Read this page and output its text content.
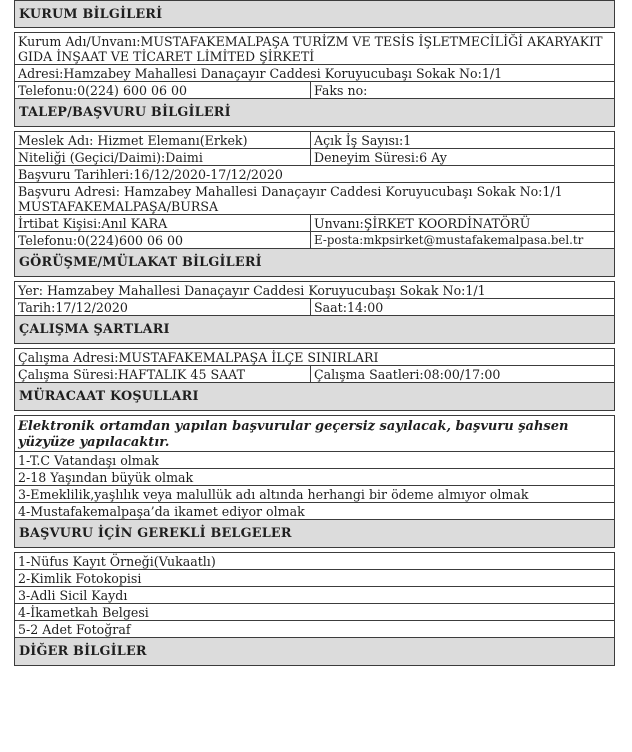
KURUM BİLGİLERİ	

Kurum Adı/Unvanı:MUSTAFAKEMALPAŞA TURİZM VE TESİS İŞLETMECİLİĞİ AKARYAKIT GIDA İNŞAAT VE TİCARET LİMİTED ŞİRKETİ	
Adresi:Hamzabey Mahallesi Danaçayır Caddesi Koruyucubaşı Sokak No:1/1	
Telefonu:0(224) 600 06 00	Faks no:
TALEP/BAŞVURU BİLGİLERİ	

Meslek Adı: Hizmet Elemanı(Erkek)	Açık İş Sayısı:1
Niteliği (Geçici/Daimi):Daimi	Deneyim Süresi:6 Ay
Başvuru Tarihleri:16/12/2020-17/12/2020	
Başvuru Adresi: Hamzabey Mahallesi Danaçayır Caddesi Koruyucubaşı Sokak No:1/1 MUSTAFAKEMALPAŞA/BURSA	
İrtibat Kişisi:Anıl KARA	Unvanı:ŞİRKET KOORDİNATÖRÜ
Telefonu:0(224)600 06 00	E-posta:mkpsirket@mustafakemalpasa.bel.tr
GÖRÜŞME/MÜLAKAT BİLGİLERİ	

Yer: Hamzabey Mahallesi Danaçayır Caddesi Koruyucubaşı Sokak No:1/1	
Tarih:17/12/2020	Saat:14:00
ÇALIŞMA ŞARTLARI	

Çalışma Adresi:MUSTAFAKEMALPAŞA İLÇE SINIRLARI	
Çalışma Süresi:HAFTALIK 45 SAAT	Çalışma Saatleri:08:00/17:00
MÜRACAAT KOŞULLARI	

Elektronik ortamdan yapılan başvurular geçersiz sayılacak, başvuru şahsen yüzyüze yapılacaktır.	
1-T.C Vatandaşı olmak	
2-18 Yaşından büyük olmak	
3-Emeklilik,yaşlılık veya malullük adı altında herhangi bir ödeme almıyor olmak	
4-Mustafakemalpaşa’da ikamet ediyor olmak	
BAŞVURU İÇİN GEREKLİ BELGELER	

1-Nüfus Kayıt Örneği(Vukaatlı)	
2-Kimlik Fotokopisi	
3-Adli Sicil Kaydı	
4-İkametkah Belgesi	
5-2 Adet Fotoğraf	
DİĞER BİLGİLER	
